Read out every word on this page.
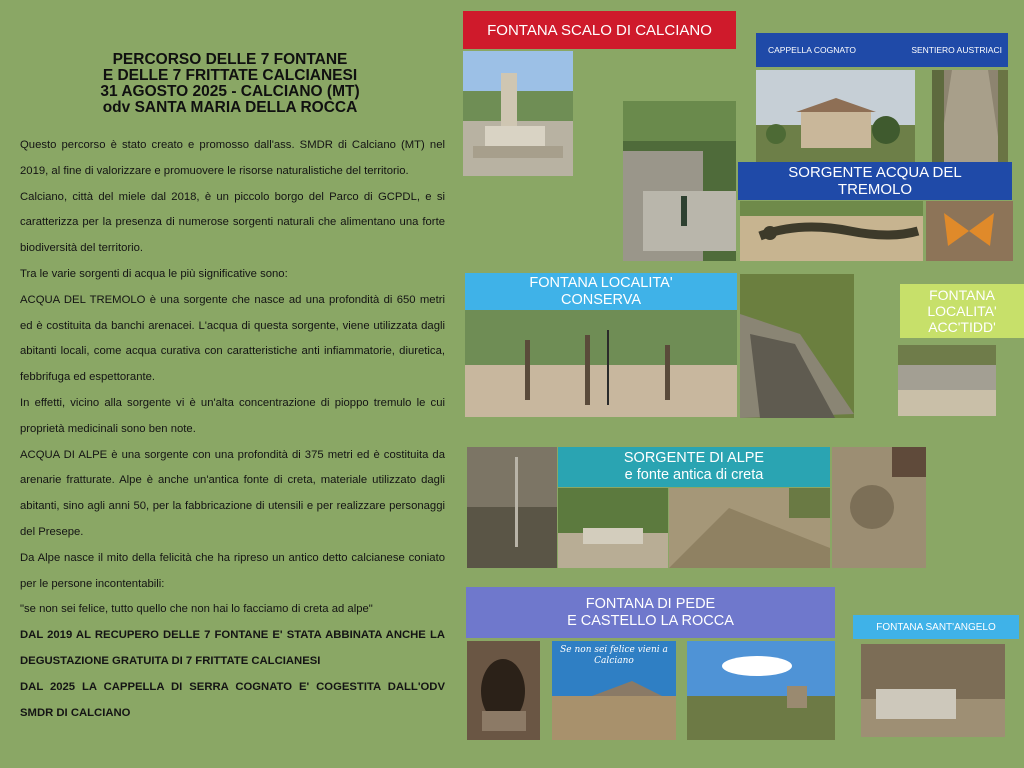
PERCORSO DELLE 7 FONTANE
E DELLE 7 FRITTATE CALCIANESI
31 AGOSTO 2025 - CALCIANO (MT)
odv SANTA MARIA DELLA ROCCA

Questo percorso è stato creato e promosso dall'ass. SMDR di Calciano (MT) nel 2019, al fine di valorizzare e promuovere le risorse naturalistiche del territorio.

Calciano, città del miele dal 2018, è un piccolo borgo del Parco di GCPDL, e si caratterizza per la presenza di numerose sorgenti naturali che alimentano una forte biodiversità del territorio.

Tra le varie sorgenti di acqua le più significative sono:

ACQUA DEL TREMOLO è una sorgente che nasce ad una profondità di 650 metri ed è costituita da banchi arenacei. L'acqua di questa sorgente, viene utilizzata dagli abitanti locali, come acqua curativa con caratteristiche anti infiammatorie, diuretica, febbrifuga ed espettorante.

In effetti, vicino alla sorgente vi è un'alta concentrazione di pioppo tremulo le cui proprietà medicinali sono ben note.

ACQUA DI ALPE è una sorgente con una profondità di 375 metri ed è costituita da arenarie fratturate. Alpe è anche un'antica fonte di creta, materiale utilizzato dagli abitanti, sino agli anni 50, per la fabbricazione di utensili e per realizzare personaggi del Presepe.

Da Alpe nasce il mito della felicità che ha ripreso un antico detto calcianese coniato per le persone incontentabili:

"se non sei felice, tutto quello che non hai lo facciamo di creta ad alpe"

DAL 2019 AL RECUPERO DELLE 7 FONTANE E' STATA ABBINATA ANCHE LA DEGUSTAZIONE GRATUITA DI 7 FRITTATE CALCIANESI

DAL 2025 LA CAPPELLA DI SERRA COGNATO E' COGESTITA DALL'ODV SMDR DI CALCIANO

FONTANA SCALO DI CALCIANO
CAPPELLA COGNATO	SENTIERO AUSTRIACI
SORGENTE ACQUA DEL
TREMOLO
FONTANA LOCALITA'
CONSERVA	FONTANA
LOCALITA'
ACC'TIDD'
SORGENTE DI ALPE
e fonte antica di creta
FONTANA DI PEDE
E CASTELLO LA ROCCA
Se non sei felice vieni a
Calciano
FONTANA SANT'ANGELO
